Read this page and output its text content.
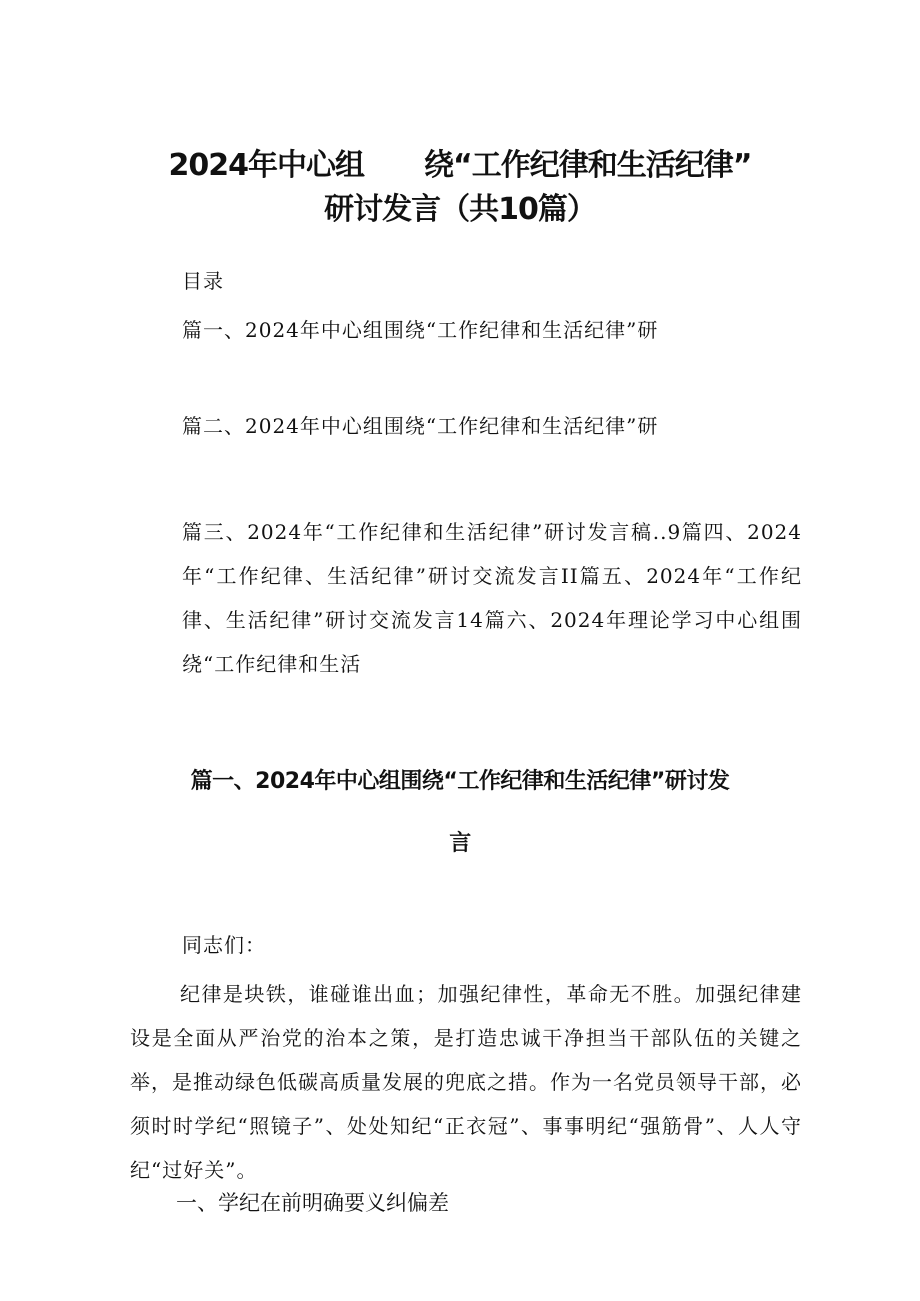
2024年中心组 绕“工作纪律和生活纪律”
研讨发言（共10篇）
目录
篇一、2024年中心组围绕“工作纪律和生活纪律”研
篇二、2024年中心组围绕“工作纪律和生活纪律”研
篇三、2024年“工作纪律和生活纪律”研讨发言稿..9篇四、2024年“工作纪律、生活纪律”研讨交流发言II篇五、2024年“工作纪律、生活纪律”研讨交流发言14篇六、2024年理论学习中心组围绕“工作纪律和生活
篇一、2024年中心组围绕“工作纪律和生活纪律”研讨发
言
同志们：
纪律是块铁，谁碰谁出血；加强纪律性，革命无不胜。加强纪律建设是全面从严治党的治本之策，是打造忠诚干净担当干部队伍的关键之举，是推动绿色低碳高质量发展的兜底之措。作为一名党员领导干部，必须时时学纪“照镜子”、处处知纪“正衣冠”、事事明纪“强筋骨”、人人守纪“过好关”。
一、学纪在前明确要义纠偏差
